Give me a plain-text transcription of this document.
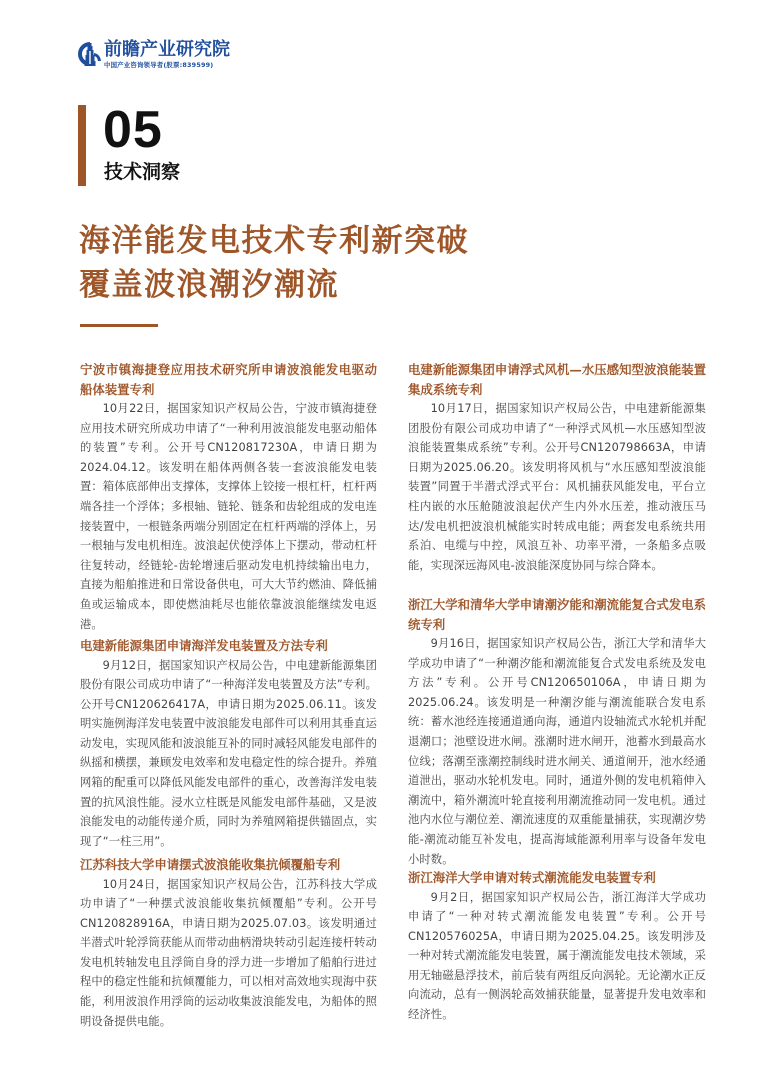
前瞻产业研究院
中国产业咨询领导者(股票:839599)
05
技术洞察
海洋能发电技术专利新突破
覆盖波浪潮汐潮流
宁波市镇海捷登应用技术研究所申请波浪能发电驱动船体装置专利

10月22日，据国家知识产权局公告，宁波市镇海捷登应用技术研究所成功申请了“一种利用波浪能发电驱动船体的装置”专利。公开号CN120817230A，申请日期为2024.04.12。该发明在船体两侧各装一套波浪能发电装置：箱体底部伸出支撑体，支撑体上铰接一根杠杆，杠杆两端各挂一个浮体；多根轴、链轮、链条和齿轮组成的发电连接装置中，一根链条两端分别固定在杠杆两端的浮体上，另一根轴与发电机相连。波浪起伏使浮体上下摆动，带动杠杆往复转动，经链轮-齿轮增速后驱动发电机持续输出电力，直接为船舶推进和日常设备供电，可大大节约燃油、降低捕鱼或运输成本，即使燃油耗尽也能依靠波浪能继续发电返港。

电建新能源集团申请海洋发电装置及方法专利

9月12日，据国家知识产权局公告，中电建新能源集团股份有限公司成功申请了“一种海洋发电装置及方法”专利。公开号CN120626417A，申请日期为2025.06.11。该发明实施例海洋发电装置中波浪能发电部件可以利用其垂直运动发电，实现风能和波浪能互补的同时减轻风能发电部件的纵摇和横摆，兼顾发电效率和发电稳定性的综合提升。养殖网箱的配重可以降低风能发电部件的重心，改善海洋发电装置的抗风浪性能。浸水立柱既是风能发电部件基础，又是波浪能发电的动能传递介质，同时为养殖网箱提供锚固点，实现了“一柱三用”。

江苏科技大学申请摆式波浪能收集抗倾覆船专利

10月24日，据国家知识产权局公告，江苏科技大学成功申请了“一种摆式波浪能收集抗倾覆船”专利。公开号CN120828916A，申请日期为2025.07.03。该发明通过半潜式叶轮浮筒获能从而带动曲柄滑块转动引起连接杆转动发电机转轴发电且浮筒自身的浮力进一步增加了船舶行进过程中的稳定性能和抗倾覆能力，可以相对高效地实现海中获能，利用波浪作用浮筒的运动收集波浪能发电，为船体的照明设备提供电能。

电建新能源集团申请浮式风机—水压感知型波浪能装置集成系统专利

10月17日，据国家知识产权局公告，中电建新能源集团股份有限公司成功申请了“一种浮式风机—水压感知型波浪能装置集成系统”专利。公开号CN120798663A，申请日期为2025.06.20。该发明将风机与“水压感知型波浪能装置”同置于半潜式浮式平台：风机捕获风能发电，平台立柱内嵌的水压舱随波浪起伏产生内外水压差，推动液压马达/发电机把波浪机械能实时转成电能；两套发电系统共用系泊、电缆与中控，风浪互补、功率平滑，一条船多点吸能，实现深远海风电-波浪能深度协同与综合降本。

浙江大学和清华大学申请潮汐能和潮流能复合式发电系统专利

9月16日，据国家知识产权局公告，浙江大学和清华大学成功申请了“一种潮汐能和潮流能复合式发电系统及发电方法”专利。公开号CN120650106A，申请日期为2025.06.24。该发明是一种潮汐能与潮流能联合发电系统：蓄水池经连接通道通向海，通道内设轴流式水轮机并配退潮口；池壁设进水闸。涨潮时进水闸开，池蓄水到最高水位线；落潮至涨潮控制线时进水闸关、通道闸开，池水经通道泄出，驱动水轮机发电。同时，通道外侧的发电机箱伸入潮流中，箱外潮流叶轮直接利用潮流推动同一发电机。通过池内水位与潮位差、潮流速度的双重能量捕获，实现潮汐势能-潮流动能互补发电，提高海域能源利用率与设备年发电小时数。

浙江海洋大学申请对转式潮流能发电装置专利

9月2日，据国家知识产权局公告，浙江海洋大学成功申请了“一种对转式潮流能发电装置”专利。公开号CN120576025A，申请日期为2025.04.25。该发明涉及一种对转式潮流能发电装置，属于潮流能发电技术领域，采用无轴磁悬浮技术，前后装有两组反向涡轮。无论潮水正反向流动，总有一侧涡轮高效捕获能量，显著提升发电效率和经济性。
